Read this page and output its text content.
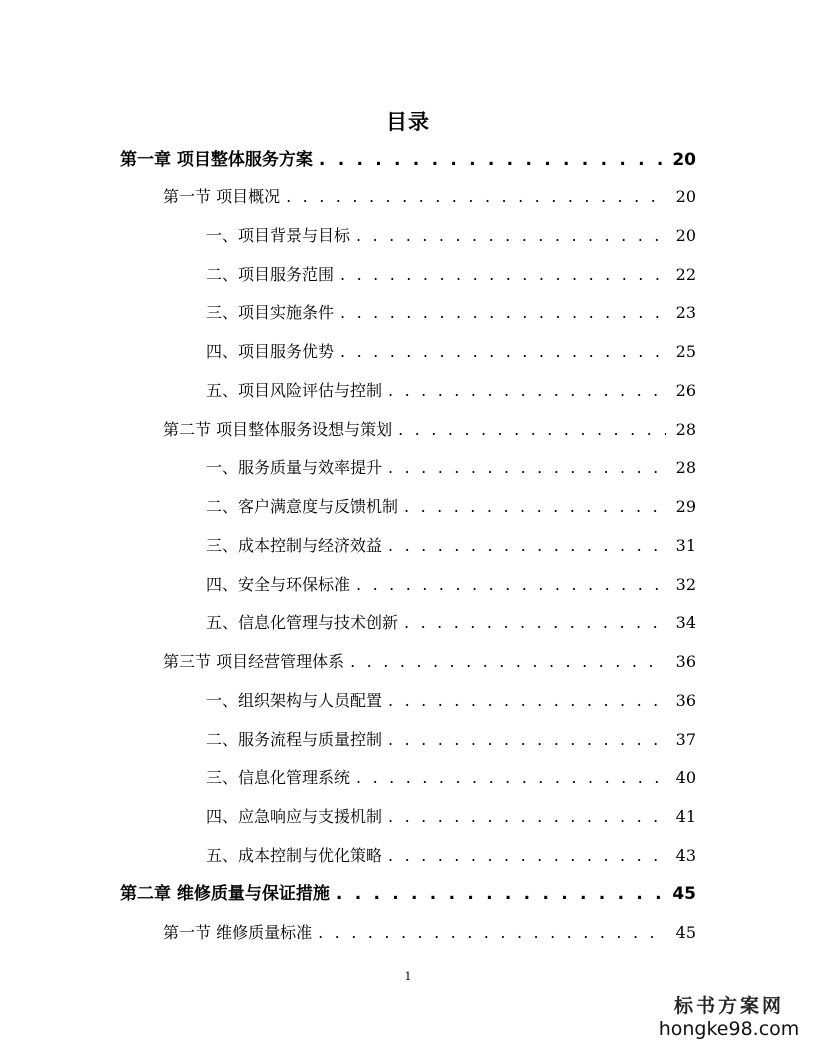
目录
第一章 项目整体服务方案 . . .	20
第一节 项目概况 . . .	20
一、项目背景与目标 . . .	20
二、项目服务范围 . . .	22
三、项目实施条件 . . .	23
四、项目服务优势 . . .	25
五、项目风险评估与控制 . . .	26
第二节 项目整体服务设想与策划 . . .	28
一、服务质量与效率提升 . . .	28
二、客户满意度与反馈机制 . . .	29
三、成本控制与经济效益 . . .	31
四、安全与环保标准 . . .	32
五、信息化管理与技术创新 . . .	34
第三节 项目经营管理体系 . . .	36
一、组织架构与人员配置 . . .	36
二、服务流程与质量控制 . . .	37
三、信息化管理系统 . . .	40
四、应急响应与支援机制 . . .	41
五、成本控制与优化策略 . . .	43
第二章 维修质量与保证措施 . . .	45
第一节 维修质量标准 . . .	45
1
标书方案网
hongke98.com
